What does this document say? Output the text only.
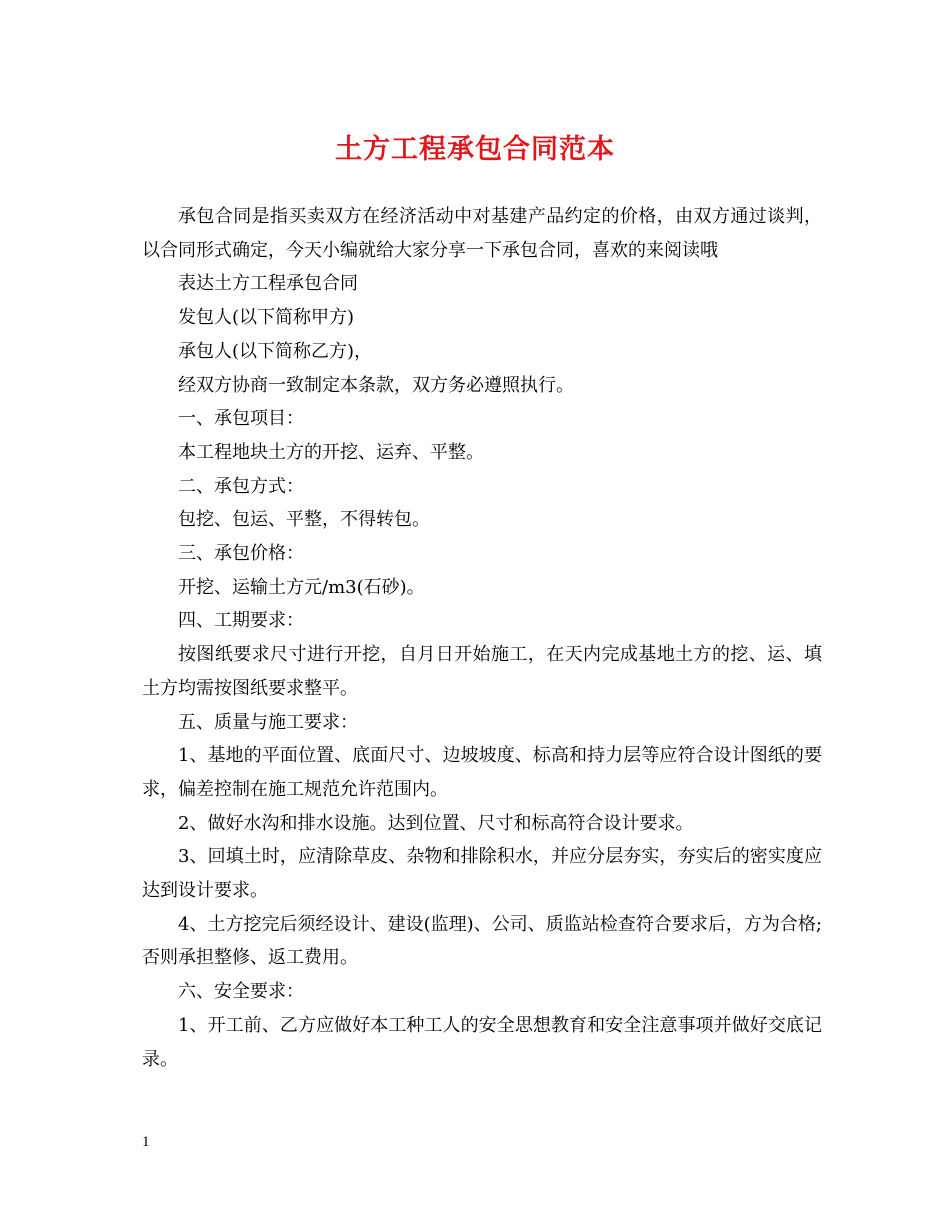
土方工程承包合同范本

承包合同是指买卖双方在经济活动中对基建产品约定的价格，由双方通过谈判，以合同形式确定，今天小编就给大家分享一下承包合同，喜欢的来阅读哦

表达土方工程承包合同

发包人(以下简称甲方)

承包人(以下简称乙方)，

经双方协商一致制定本条款，双方务必遵照执行。

一、承包项目：

本工程地块土方的开挖、运弃、平整。

二、承包方式：

包挖、包运、平整，不得转包。

三、承包价格：

开挖、运输土方元/m3(石砂)。

四、工期要求：

按图纸要求尺寸进行开挖，自月日开始施工，在天内完成基地土方的挖、运、填土方均需按图纸要求整平。

五、质量与施工要求：

1、基地的平面位置、底面尺寸、边坡坡度、标高和持力层等应符合设计图纸的要求，偏差控制在施工规范允许范围内。

2、做好水沟和排水设施。达到位置、尺寸和标高符合设计要求。

3、回填土时，应清除草皮、杂物和排除积水，并应分层夯实，夯实后的密实度应达到设计要求。

4、土方挖完后须经设计、建设(监理)、公司、质监站检查符合要求后，方为合格;否则承担整修、返工费用。

六、安全要求：

1、开工前、乙方应做好本工种工人的安全思想教育和安全注意事项并做好交底记录。

1
